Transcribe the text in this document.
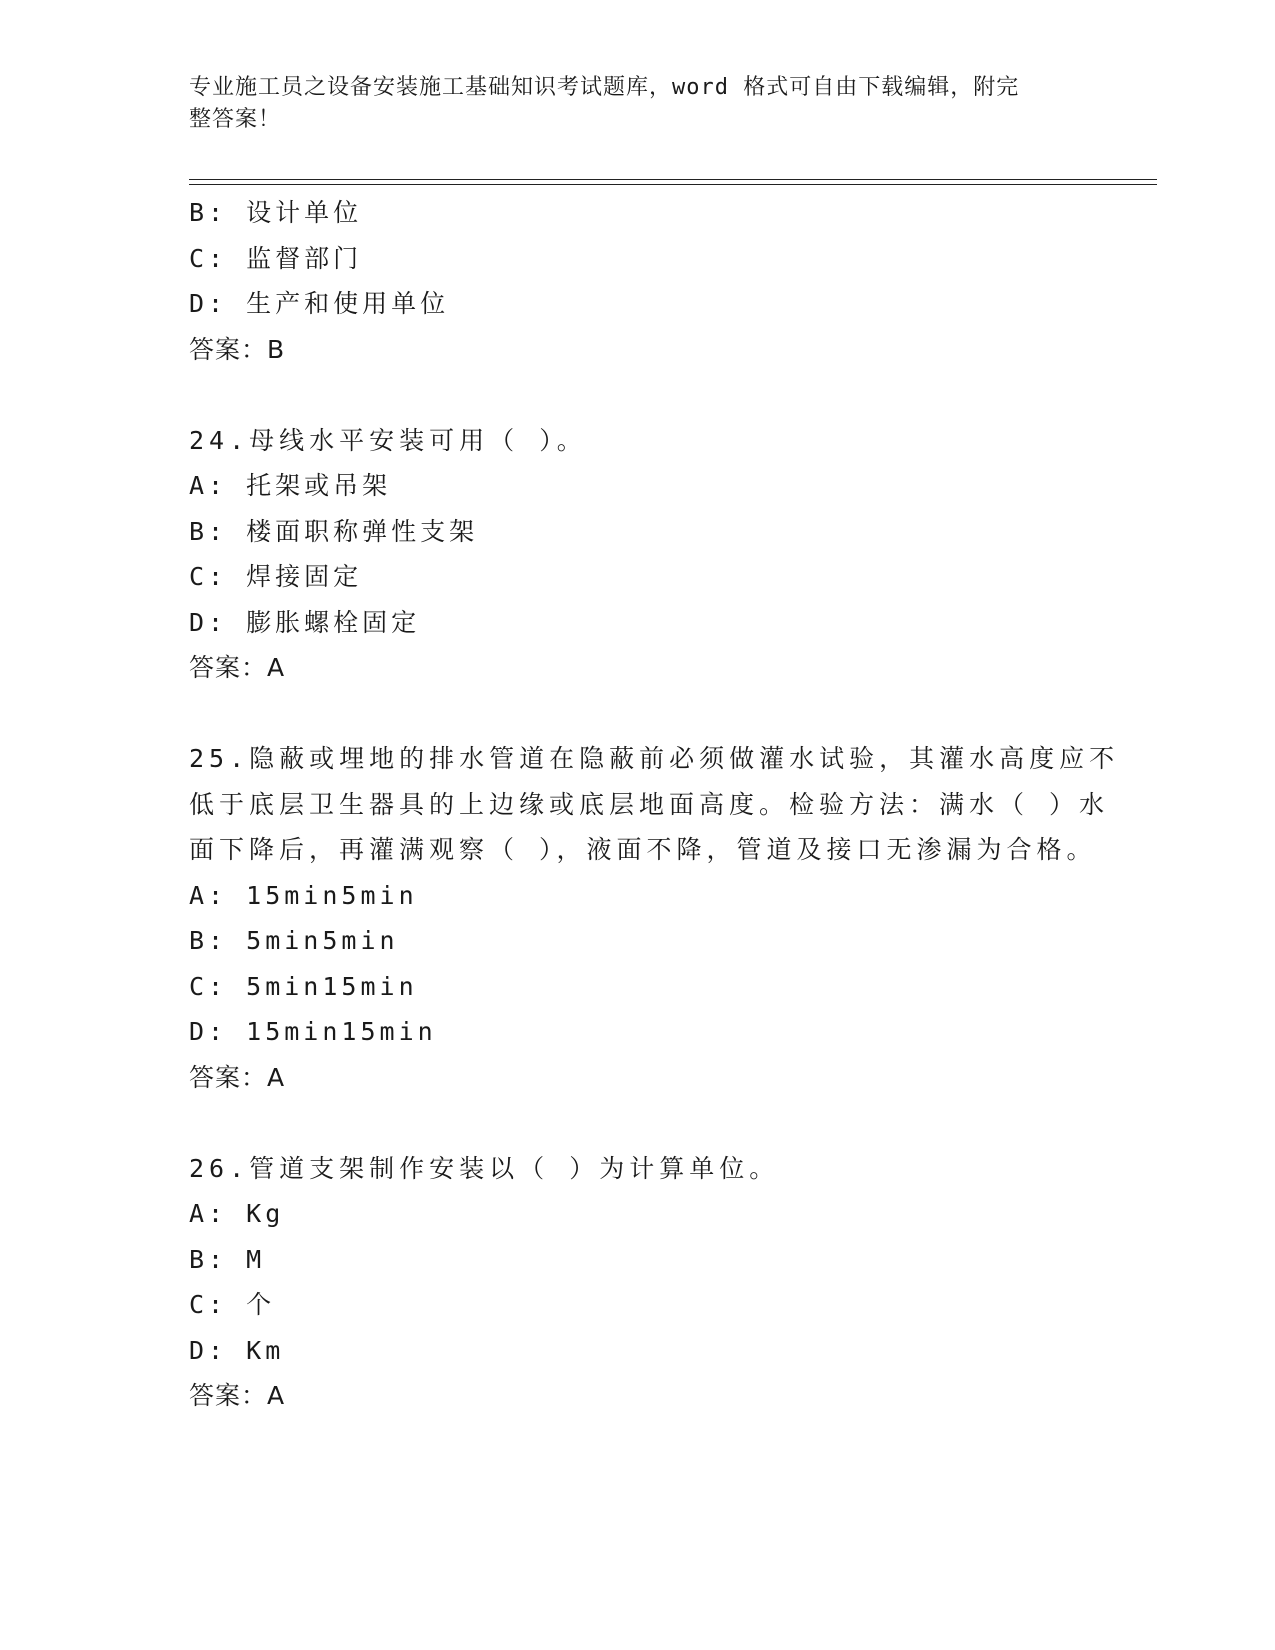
专业施工员之设备安装施工基础知识考试题库，word 格式可自由下载编辑，附完
整答案！
B: 设计单位
C: 监督部门
D: 生产和使用单位
答案：B
24.母线水平安装可用（ ）。
A: 托架或吊架
B: 楼面职称弹性支架
C: 焊接固定
D: 膨胀螺栓固定
答案：A
25.隐蔽或埋地的排水管道在隐蔽前必须做灌水试验，其灌水高度应不
低于底层卫生器具的上边缘或底层地面高度。检验方法：满水（ ）水
面下降后，再灌满观察（ ），液面不降，管道及接口无渗漏为合格。
A: 15min5min
B: 5min5min
C: 5min15min
D: 15min15min
答案：A
26.管道支架制作安装以（ ）为计算单位。
A: Kg
B: M
C: 个
D: Km
答案：A
